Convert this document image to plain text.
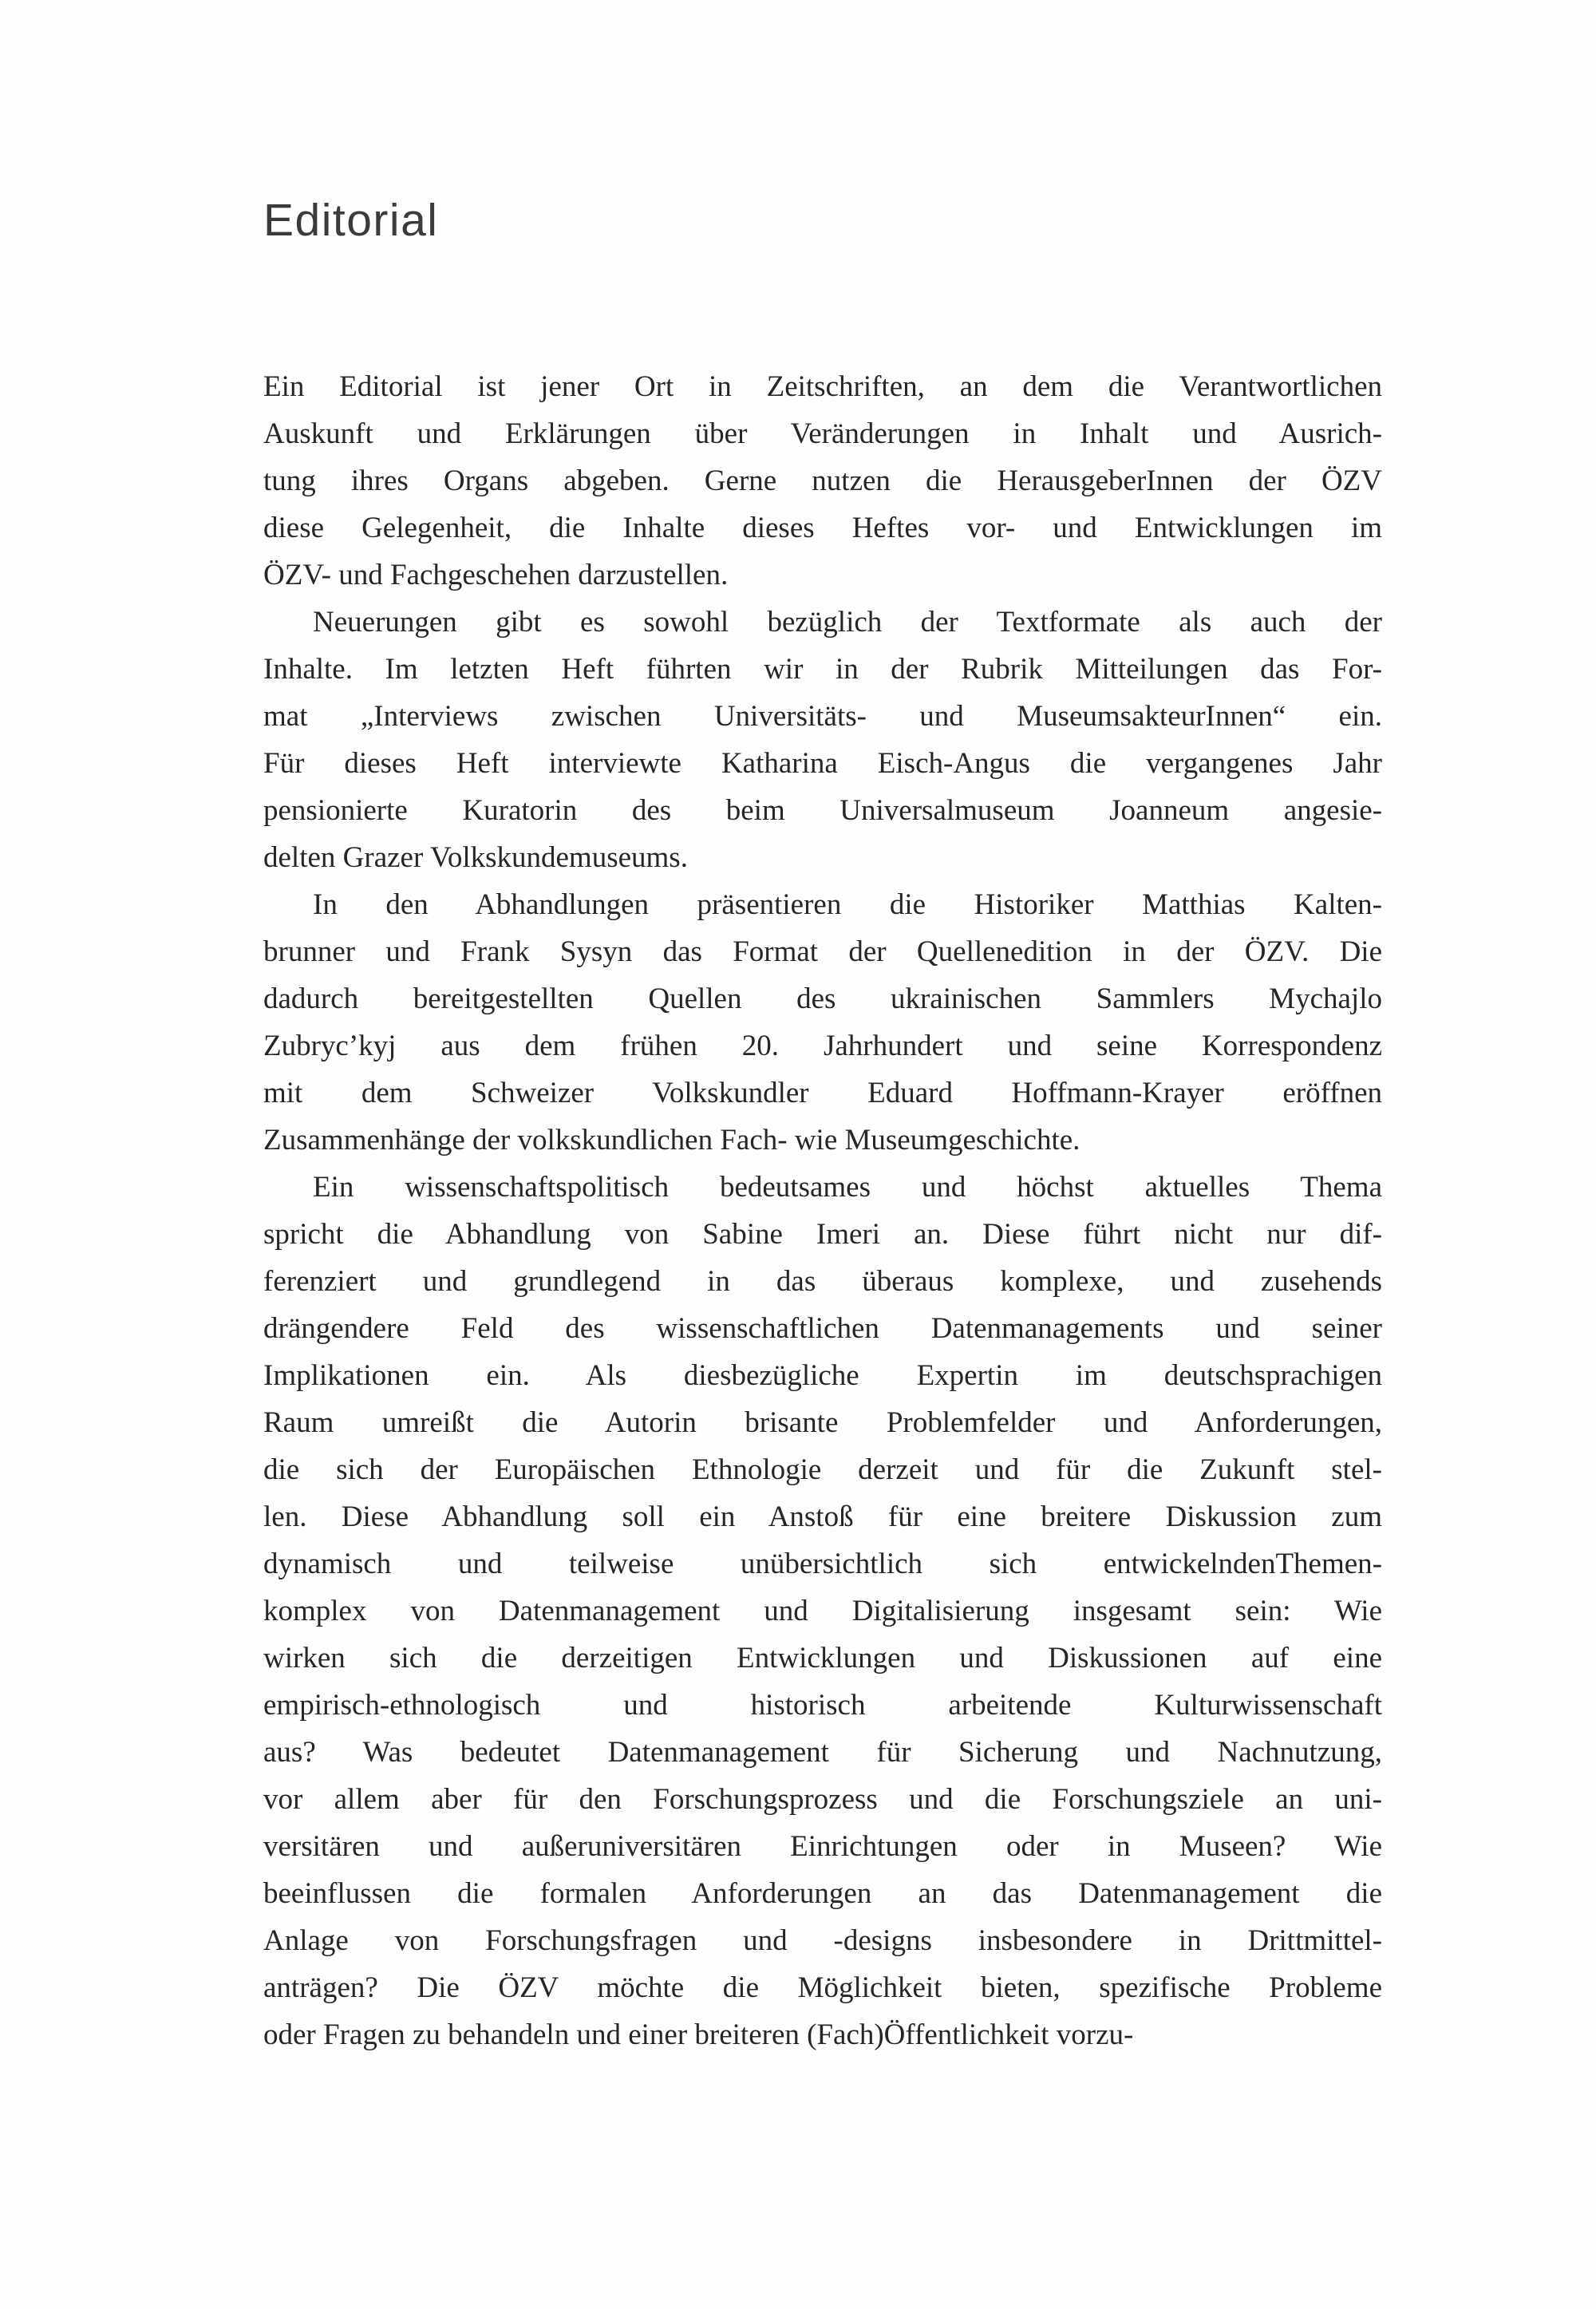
Editorial

Ein Editorial ist jener Ort in Zeitschriften, an dem die Verantwortlichen
Auskunft und Erklärungen über Veränderungen in Inhalt und Ausrich-
tung ihres Organs abgeben. Gerne nutzen die HerausgeberInnen der ÖZV
diese Gelegenheit, die Inhalte dieses Heftes vor- und Entwicklungen im
ÖZV- und Fachgeschehen darzustellen.

Neuerungen gibt es sowohl bezüglich der Textformate als auch der
Inhalte. Im letzten Heft führten wir in der Rubrik Mitteilungen das For-
mat „Interviews zwischen Universitäts- und MuseumsakteurInnen“ ein.
Für dieses Heft interviewte Katharina Eisch-Angus die vergangenes Jahr
pensionierte Kuratorin des beim Universalmuseum Joanneum angesie-
delten Grazer Volkskundemuseums.

In den Abhandlungen präsentieren die Historiker Matthias Kalten-
brunner und Frank Sysyn das Format der Quellenedition in der ÖZV. Die
dadurch bereitgestellten Quellen des ukrainischen Sammlers Mychajlo
Zubryc’kyj aus dem frühen 20. Jahrhundert und seine Korrespondenz
mit dem Schweizer Volkskundler Eduard Hoffmann-Krayer eröffnen
Zusammenhänge der volkskundlichen Fach- wie Museumgeschichte.

Ein wissenschaftspolitisch bedeutsames und höchst aktuelles Thema
spricht die Abhandlung von Sabine Imeri an. Diese führt nicht nur dif-
ferenziert und grundlegend in das überaus komplexe, und zusehends
drängendere Feld des wissenschaftlichen Datenmanagements und seiner
Implikationen ein. Als diesbezügliche Expertin im deutschsprachigen
Raum umreißt die Autorin brisante Problemfelder und Anforderungen,
die sich der Europäischen Ethnologie derzeit und für die Zukunft stel-
len. Diese Abhandlung soll ein Anstoß für eine breitere Diskussion zum
dynamisch und teilweise unübersichtlich sich entwickelndenThemen-
komplex von Datenmanagement und Digitalisierung insgesamt sein: Wie
wirken sich die derzeitigen Entwicklungen und Diskussionen auf eine
empirisch-ethnologisch und historisch arbeitende Kulturwissenschaft
aus? Was bedeutet Datenmanagement für Sicherung und Nachnutzung,
vor allem aber für den Forschungsprozess und die Forschungsziele an uni-
versitären und außeruniversitären Einrichtungen oder in Museen? Wie
beeinflussen die formalen Anforderungen an das Datenmanagement die
Anlage von Forschungsfragen und -designs insbesondere in Drittmittel-
anträgen? Die ÖZV möchte die Möglichkeit bieten, spezifische Probleme
oder Fragen zu behandeln und einer breiteren (Fach)Öffentlichkeit vorzu-
